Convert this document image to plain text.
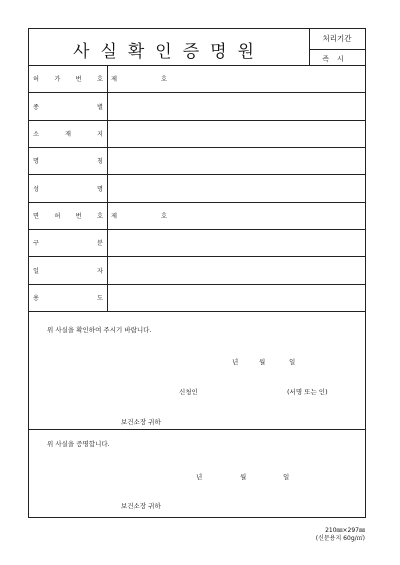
사실확인증명원
처리기간
즉시
허 가 번 호 제	호
종	별
소	재	지
명	칭
성	명
면 허 번 호 제	호
구	분
일	자
용	도
위 사실을 확인하여 주시기 바랍니다.
년	월	일
신청인	(서명 또는 인)
보건소장 귀하
위 사실을 증명합니다.
년	월	일
보건소장 귀하
210㎜×297㎜
(신문용지 60g/㎡)
